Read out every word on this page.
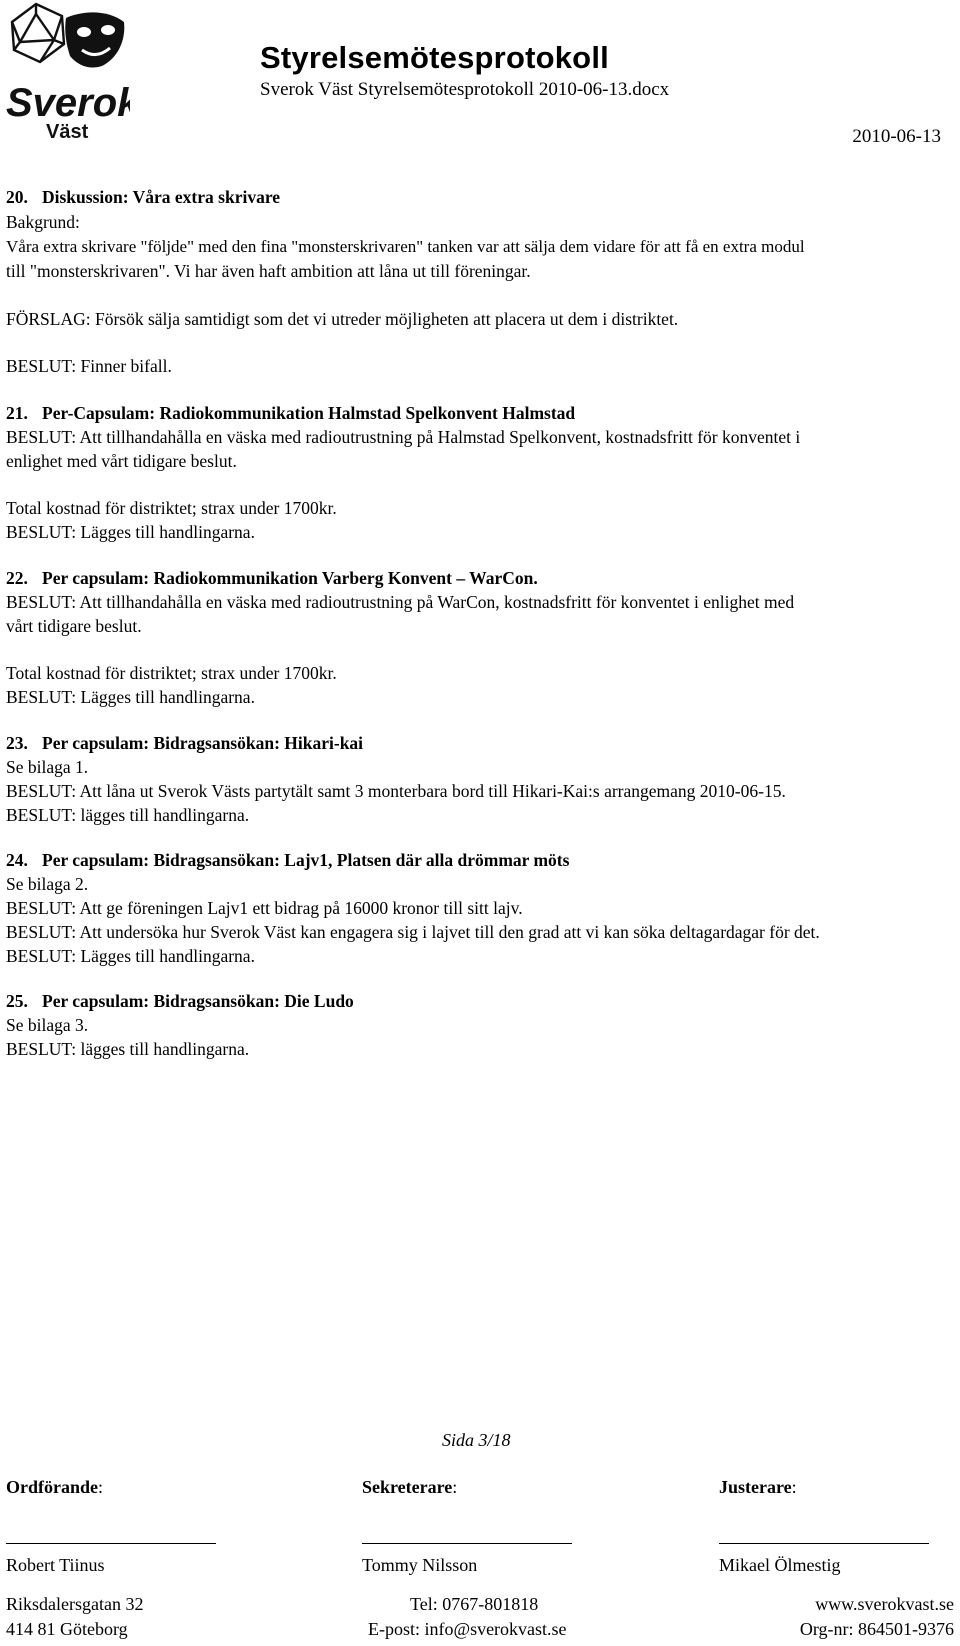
Sverok
Väst
Styrelsemötesprotokoll
Sverok Väst Styrelsemötesprotokoll 2010-06-13.docx
2010-06-13
20. Diskussion: Våra extra skrivare
Bakgrund:
Våra extra skrivare "följde" med den fina "monsterskrivaren" tanken var att sälja dem vidare för att få en extra modul
till "monsterskrivaren". Vi har även haft ambition att låna ut till föreningar.
FÖRSLAG: Försök sälja samtidigt som det vi utreder möjligheten att placera ut dem i distriktet.
BESLUT: Finner bifall.
21. Per-Capsulam: Radiokommunikation Halmstad Spelkonvent Halmstad
BESLUT: Att tillhandahålla en väska med radioutrustning på Halmstad Spelkonvent, kostnadsfritt för konventet i
enlighet med vårt tidigare beslut.
Total kostnad för distriktet; strax under 1700kr.
BESLUT: Lägges till handlingarna.
22. Per capsulam: Radiokommunikation Varberg Konvent – WarCon.
BESLUT: Att tillhandahålla en väska med radioutrustning på WarCon, kostnadsfritt för konventet i enlighet med
vårt tidigare beslut.
Total kostnad för distriktet; strax under 1700kr.
BESLUT: Lägges till handlingarna.
23. Per capsulam: Bidragsansökan: Hikari-kai
Se bilaga 1.
BESLUT: Att låna ut Sverok Västs partytält samt 3 monterbara bord till Hikari-Kai:s arrangemang 2010-06-15.
BESLUT: lägges till handlingarna.
24. Per capsulam: Bidragsansökan: Lajv1, Platsen där alla drömmar möts
Se bilaga 2.
BESLUT: Att ge föreningen Lajv1 ett bidrag på 16000 kronor till sitt lajv.
BESLUT: Att undersöka hur Sverok Väst kan engagera sig i lajvet till den grad att vi kan söka deltagardagar för det.
BESLUT: Lägges till handlingarna.
25. Per capsulam: Bidragsansökan: Die Ludo
Se bilaga 3.
BESLUT: lägges till handlingarna.
Sida 3/18
Ordförande:
Robert Tiinus
Sekreterare:
Tommy Nilsson
Justerare:
Mikael Ölmestig
Riksdalersgatan 32
414 81 Göteborg
Tel: 0767-801818
E-post: info@sverokvast.se
www.sverokvast.se
Org-nr: 864501-9376
